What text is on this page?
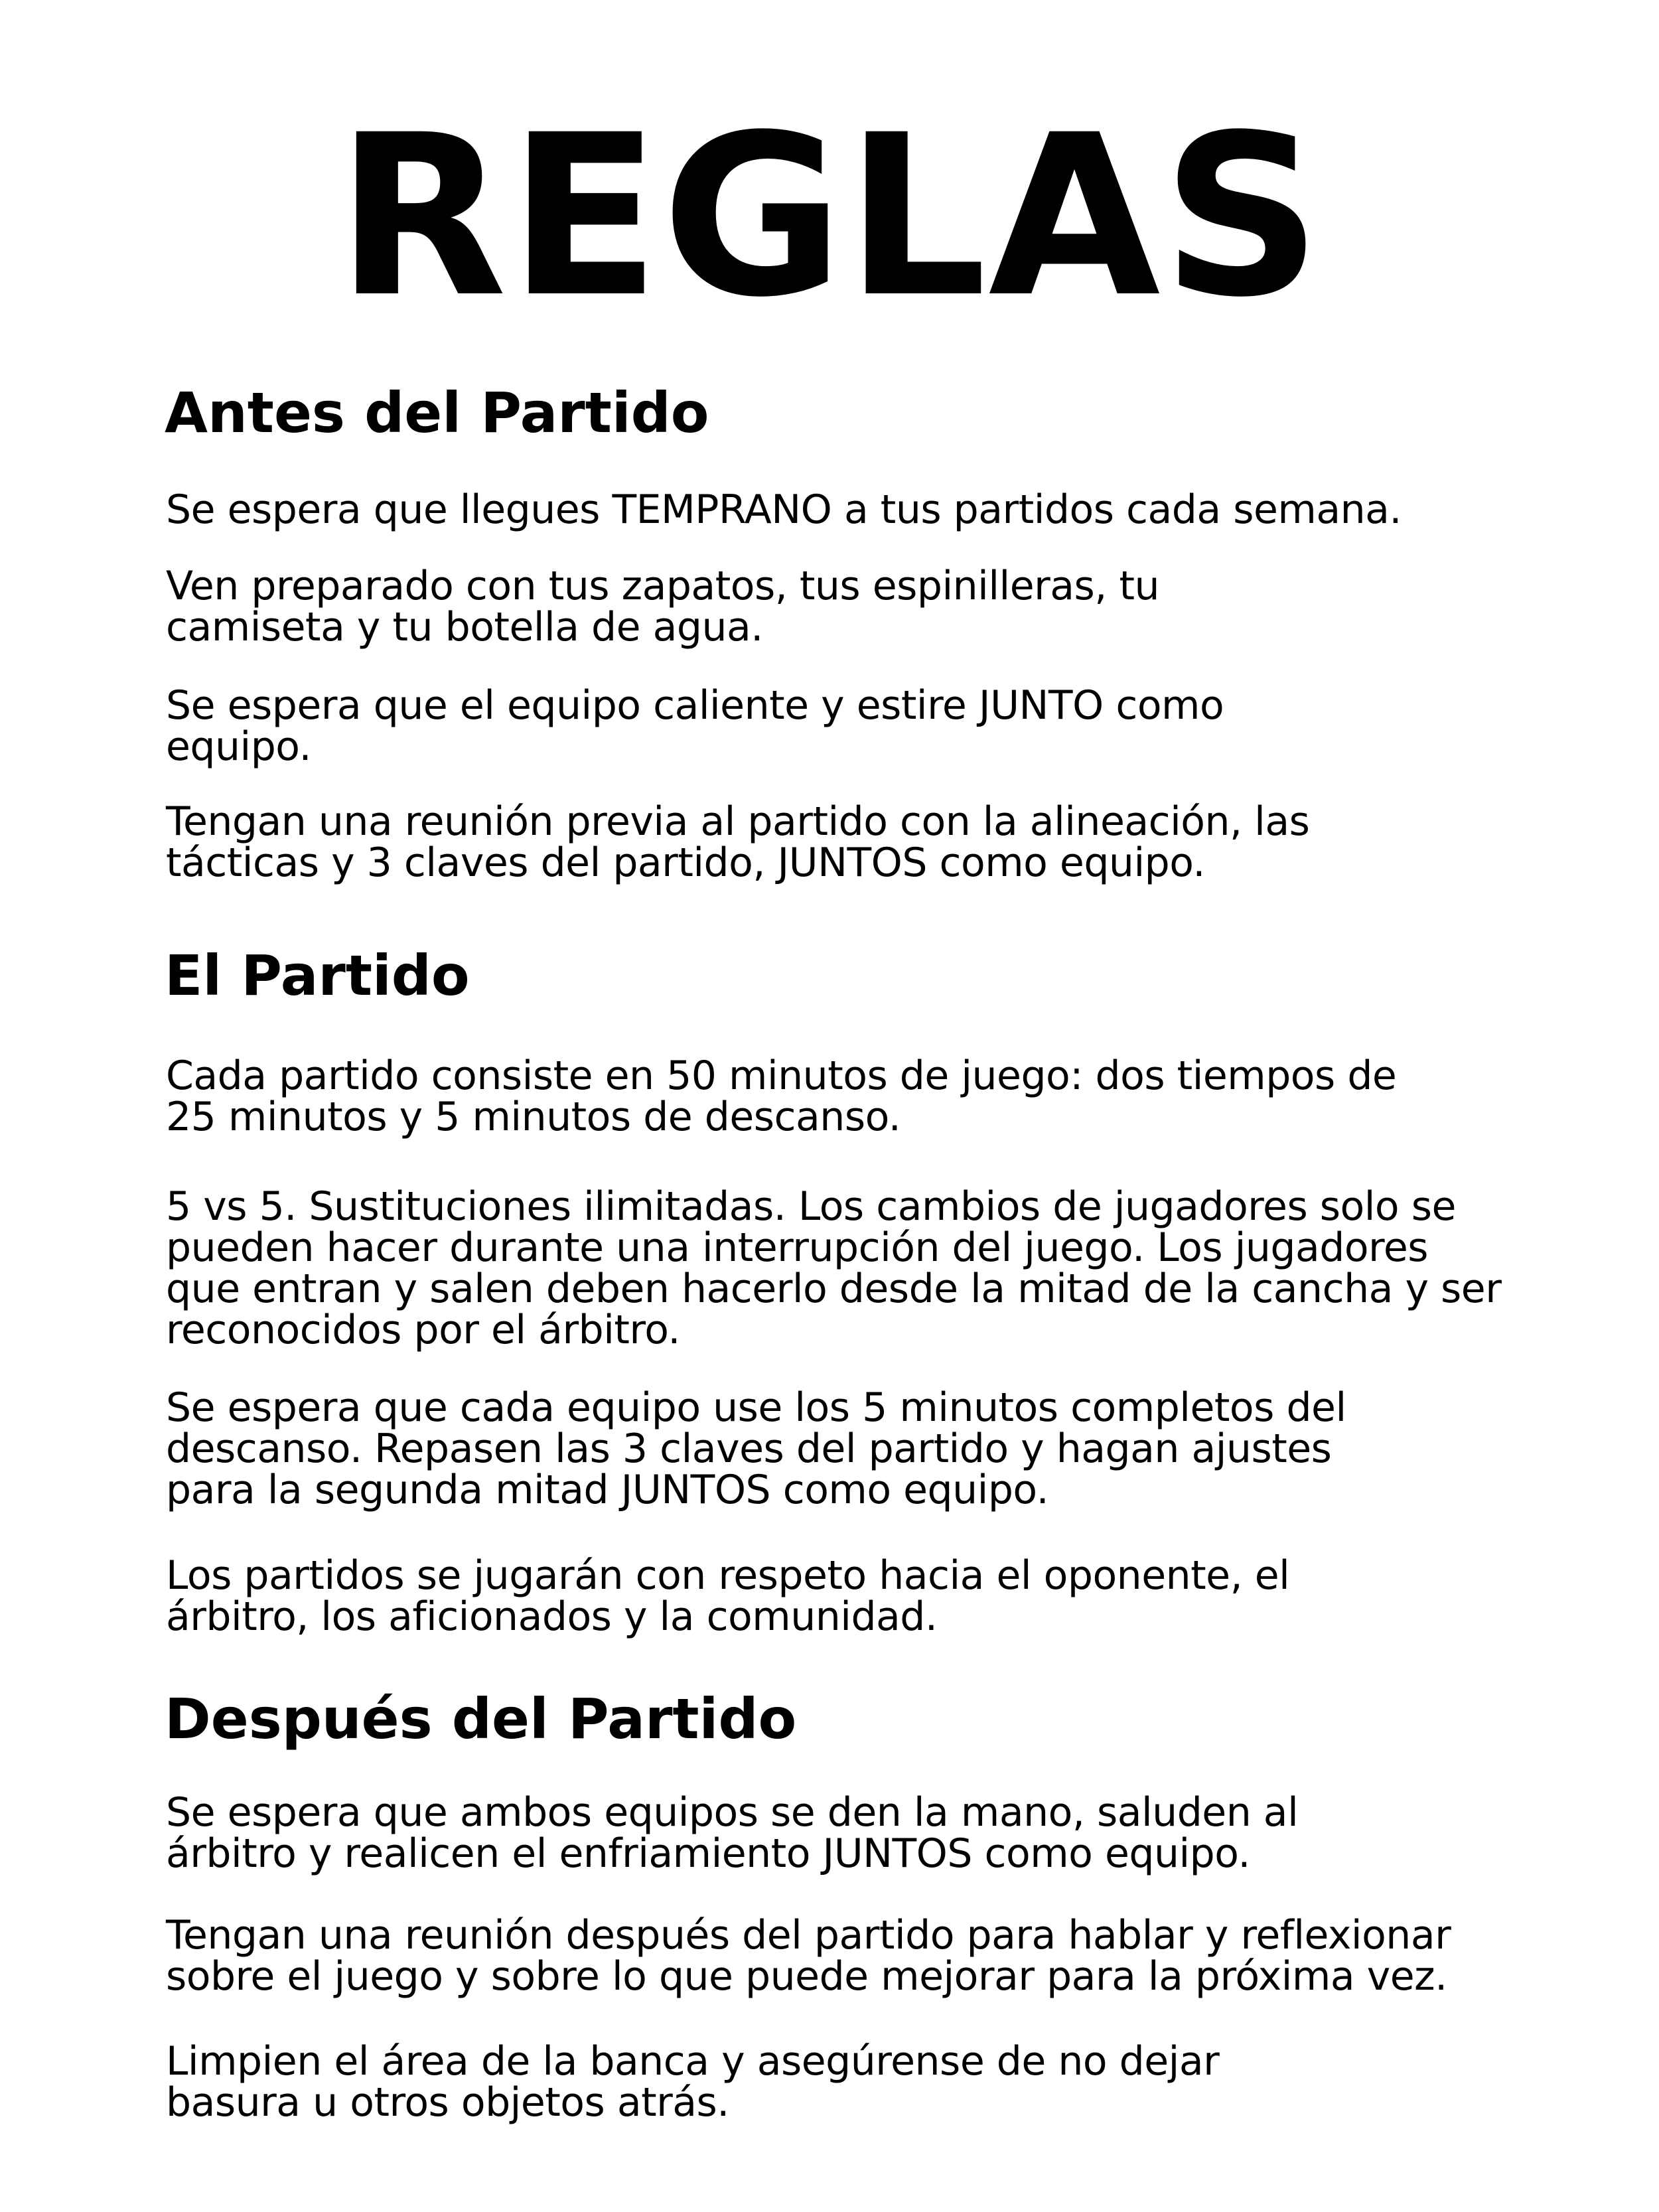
REGLAS
Antes del Partido

Se espera que llegues TEMPRANO a tus partidos cada semana.

Ven preparado con tus zapatos, tus espinilleras, tu
camiseta y tu botella de agua.

Se espera que el equipo caliente y estire JUNTO como
equipo.

Tengan una reunión previa al partido con la alineación, las
tácticas y 3 claves del partido, JUNTOS como equipo.

El Partido

Cada partido consiste en 50 minutos de juego: dos tiempos de
25 minutos y 5 minutos de descanso.

5 vs 5. Sustituciones ilimitadas. Los cambios de jugadores solo se
pueden hacer durante una interrupción del juego. Los jugadores
que entran y salen deben hacerlo desde la mitad de la cancha y ser
reconocidos por el árbitro.

Se espera que cada equipo use los 5 minutos completos del
descanso. Repasen las 3 claves del partido y hagan ajustes
para la segunda mitad JUNTOS como equipo.

Los partidos se jugarán con respeto hacia el oponente, el
árbitro, los aficionados y la comunidad.

Después del Partido

Se espera que ambos equipos se den la mano, saluden al
árbitro y realicen el enfriamiento JUNTOS como equipo.

Tengan una reunión después del partido para hablar y reflexionar
sobre el juego y sobre lo que puede mejorar para la próxima vez.

Limpien el área de la banca y asegúrense de no dejar
basura u otros objetos atrás.
